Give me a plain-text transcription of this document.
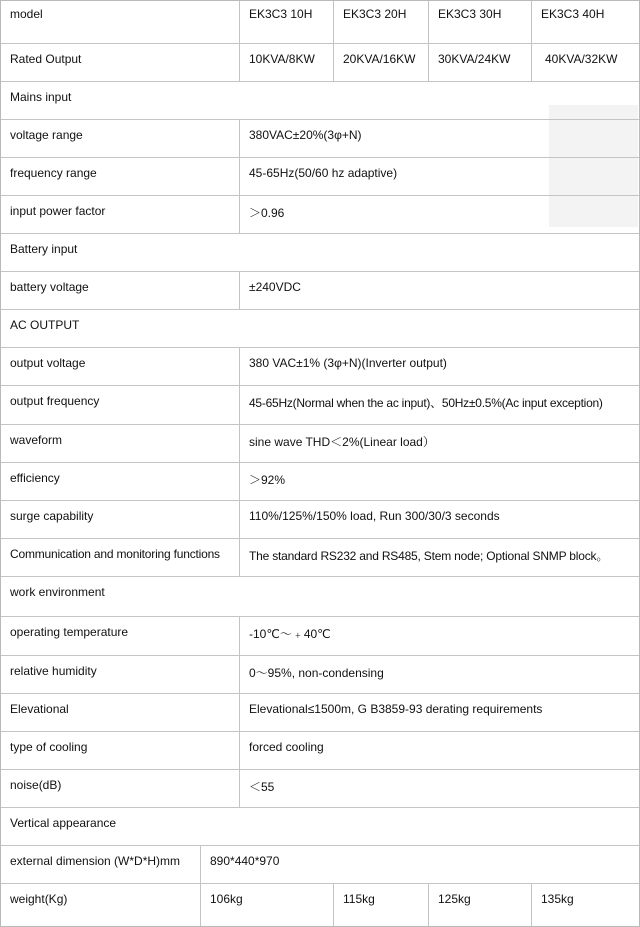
model	EK3C3 10H	EK3C3 20H	EK3C3 30H	EK3C3 40H
Rated Output	10KVA/8KW	20KVA/16KW	30KVA/24KW	40KVA/32KW
Mains input
voltage range	380VAC±20%(3φ+N)
frequency range	45-65Hz(50/60 hz adaptive)
input power factor	＞0.96
Battery input
battery voltage	±240VDC
AC OUTPUT
output voltage	380 VAC±1% (3φ+N)(Inverter output)
output frequency	45-65Hz(Normal when the ac input)、50Hz±0.5%(Ac input exception)
waveform	sine wave THD＜2%(Linear load）
efficiency	＞92%
surge capability	110%/125%/150% load, Run 300/30/3 seconds
Communication and monitoring functions	The standard RS232 and RS485, Stem node; Optional SNMP block。
work environment
operating temperature	-10℃～﹢40℃
relative humidity	0～95%, non-condensing
Elevational	Elevational≤1500m, G B3859-93 derating requirements
type of cooling	forced cooling
noise(dB)	＜55
Vertical appearance
external dimension (W*D*H)mm	890*440*970
weight(Kg)	106kg	115kg	125kg	135kg
